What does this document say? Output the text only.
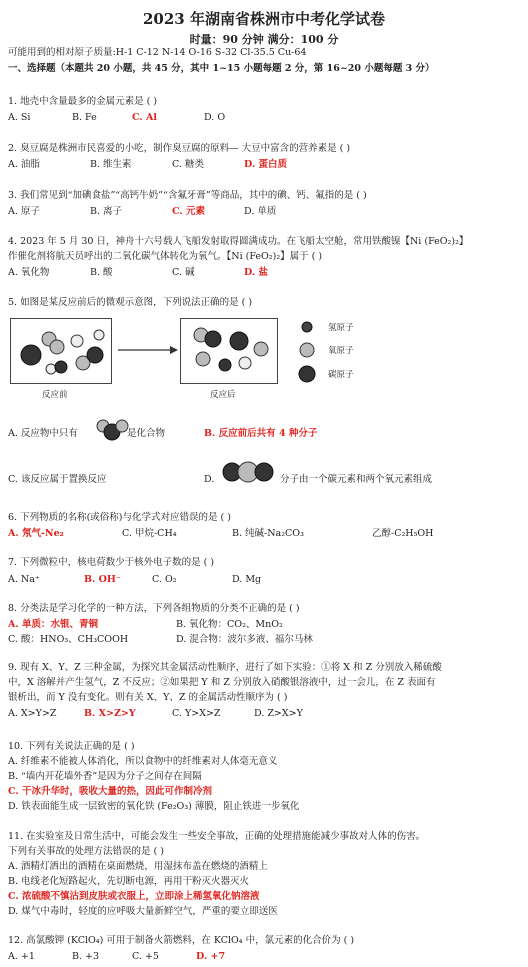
2023 年湖南省株洲市中考化学试卷
时量：90 分钟 满分：100 分
可能用到的相对原子质量:H-1 C-12 N-14 O-16 S-32 Cl-35.5 Cu-64
一、选择题（本题共 20 小题，共 45 分，其中 1~15 小题每题 2 分，第 16~20 小题每题 3 分）
1. 地壳中含量最多的金属元素是 ( )
A. Si	B. Fe	C. Al	D. O
2. 臭豆腐是株洲市民喜爱的小吃，制作臭豆腐的原料— 大豆中富含的营养素是 ( )
A. 油脂	B. 维生素	C. 糖类	D. 蛋白质
3. 我们常见到“加碘食盐”“高钙牛奶”“含氟牙膏”等商品，其中的碘、钙、氟指的是 ( )
A. 原子	B. 离子	C. 元素	D. 单质
4. 2023 年 5 月 30 日，神舟十六号载人飞船发射取得圆满成功。在飞船太空舱，常用铁酸镍【Ni (FeO₂)₂】
作催化剂将航天员呼出的二氧化碳气体转化为氧气。【Ni (FeO₂)₂】属于 ( )
A. 氧化物	B. 酸	C. 碱	D. 盐
5. 如图是某反应前后的微观示意图，下列说法正确的是 ( )
反应前	反应后
氢原子
氧原子
碳原子
A. 反应物中只有	是化合物	B. 反应前后共有 4 种分子
C. 该反应属于置换反应	D.	分子由一个碳元素和两个氧元素组成
6. 下列物质的名称(或俗称)与化学式对应错误的是 ( )
A. 氖气-Ne₂	C. 甲烷-CH₄	B. 纯碱-Na₂CO₃	乙醇-C₂H₅OH
7. 下列微粒中，核电荷数少于核外电子数的是 ( )
A. Na⁺	B. OH⁻	C. O₂	D. Mg
8. 分类法是学习化学的一种方法，下列各组物质的分类不正确的是 ( )
A. 单质：水银、青铜	B. 氧化物：CO₂、MnO₂
C. 酸：HNO₃、CH₃COOH	D. 混合物：波尔多液、福尔马林
9. 现有 X、Y、Z 三种金属，为探究其金属活动性顺序，进行了如下实验：①将 X 和 Z 分别放入稀硫酸
中，X 溶解并产生氢气，Z 不反应；②如果把 Y 和 Z 分别放入硝酸银溶液中，过一会儿，在 Z 表面有
银析出，而 Y 没有变化。则有关 X、Y、Z 的金属活动性顺序为 ( )
A. X>Y>Z	B. X>Z>Y	C. Y>X>Z	D. Z>X>Y
10. 下列有关说法正确的是 ( )
A. 纤维素不能被人体消化，所以食物中的纤维素对人体毫无意义
B. “墙内开花墙外香”是因为分子之间存在间隔
C. 干冰升华时，吸收大量的热，因此可作制冷剂
D. 铁表面能生成一层致密的氧化铁 (Fe₂O₃) 薄膜，阻止铁进一步氧化
11. 在实验室及日常生活中，可能会发生一些安全事故，正确的处理措施能减少事故对人体的伤害。
下列有关事故的处理方法错误的是 ( )
A. 酒精灯洒出的酒精在桌面燃烧，用湿抹布盖在燃烧的酒精上
B. 电线老化短路起火，先切断电源，再用干粉灭火器灭火
C. 浓硫酸不慎沾到皮肤或衣服上，立即涂上稀氢氧化钠溶液
D. 煤气中毒时，轻度的应呼吸大量新鲜空气，严重的要立即送医
12. 高氯酸钾 (KClO₄) 可用于制备火箭燃料，在 KClO₄ 中，氯元素的化合价为 ( )
A. +1	B. +3	C. +5	D. +7
